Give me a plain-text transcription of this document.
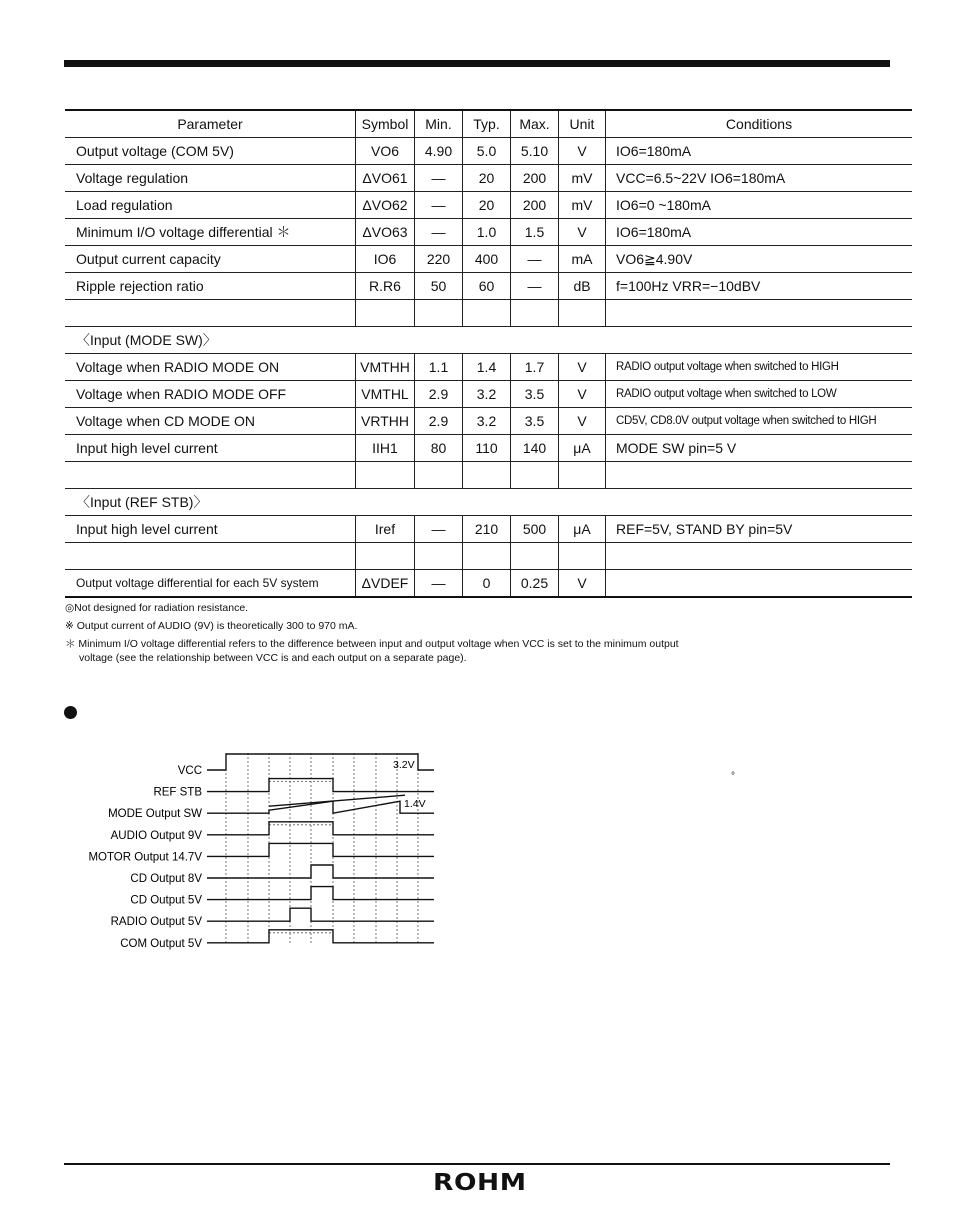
Parameter	Symbol	Min.	Typ.	Max.	Unit	Conditions
Output voltage (COM 5V)	VO6	4.90	5.0	5.10	V	IO6=180mA
Voltage regulation	ΔVO61	—	20	200	mV	VCC=6.5~22V IO6=180mA
Load regulation	ΔVO62	—	20	200	mV	IO6=0 ~180mA
Minimum I/O voltage differential ＊	ΔVO63	—	1.0	1.5	V	IO6=180mA
Output current capacity	IO6	220	400	—	mA	VO6≧4.90V
Ripple rejection ratio	R.R6	50	60	—	dB	f=100Hz VRR=−10dBV

〈Input (MODE SW)〉						
Voltage when RADIO MODE ON	VMTHH	1.1	1.4	1.7	V	RADIO output voltage when switched to HIGH
Voltage when RADIO MODE OFF	VMTHL	2.9	3.2	3.5	V	RADIO output voltage when switched to LOW
Voltage when CD MODE ON	VRTHH	2.9	3.2	3.5	V	CD5V, CD8.0V output voltage when switched to HIGH
Input high level current	IIH1	80	110	140	μA	MODE SW pin=5 V

〈Input (REF STB)〉						
Input high level current	Iref	—	210	500	μA	REF=5V, STAND BY pin=5V

Output voltage differential for each 5V system	ΔVDEF	—	0	0.25	V	

◎Not designed for radiation resistance.

※ Output current of AUDIO (9V) is theoretically 300 to 970 mA.

＊ Minimum I/O voltage differential refers to the difference between input and output voltage when VCC is set to the minimum output

voltage (see the relationship between VCC is and each output on a separate page).

VCC
REF STB
MODE Output SW
AUDIO Output 9V
MOTOR Output 14.7V
CD Output 8V
CD Output 5V
RADIO Output 5V
COM Output 5V
3.2V
1.4V
°
ROHM
